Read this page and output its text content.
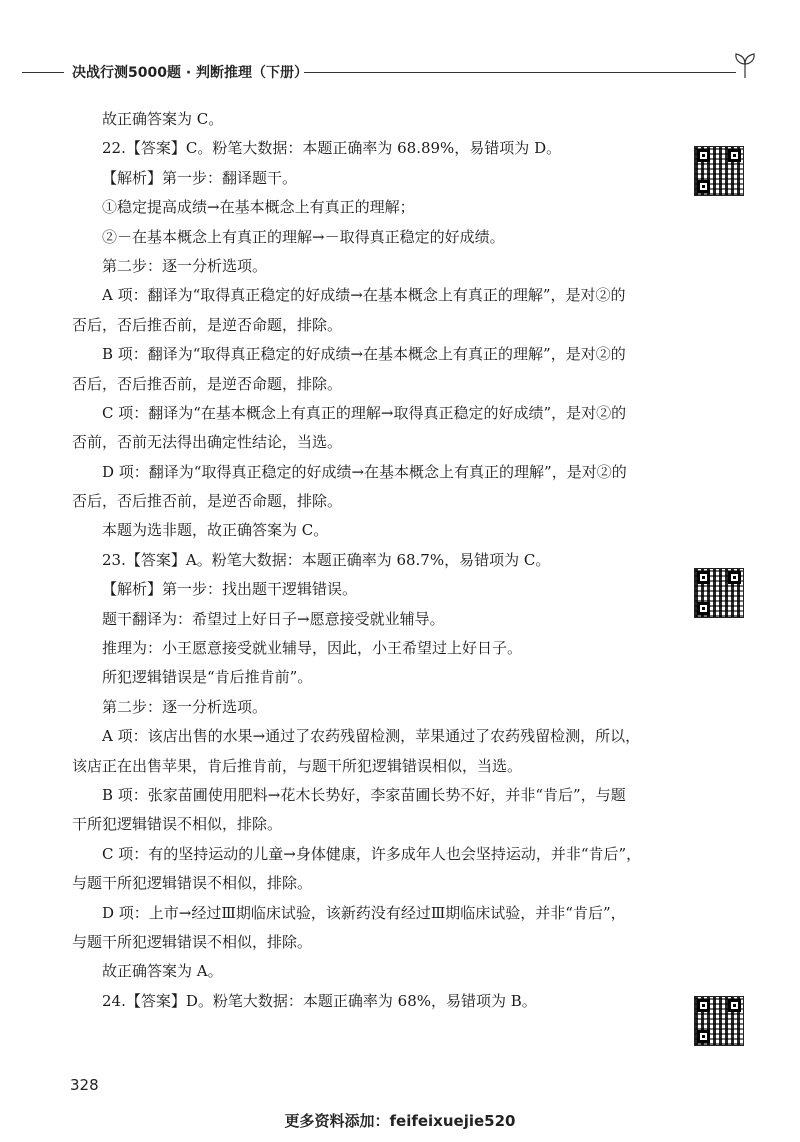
决战行测5000题 · 判断推理（下册）
故正确答案为 C。
22.【答案】C。粉笔大数据：本题正确率为 68.89%，易错项为 D。
【解析】第一步：翻译题干。
①稳定提高成绩→在基本概念上有真正的理解；
②－在基本概念上有真正的理解→－取得真正稳定的好成绩。
第二步：逐一分析选项。
A 项：翻译为“取得真正稳定的好成绩→在基本概念上有真正的理解”，是对②的
否后，否后推否前，是逆否命题，排除。
B 项：翻译为“取得真正稳定的好成绩→在基本概念上有真正的理解”，是对②的
否后，否后推否前，是逆否命题，排除。
C 项：翻译为“在基本概念上有真正的理解→取得真正稳定的好成绩”，是对②的
否前，否前无法得出确定性结论，当选。
D 项：翻译为“取得真正稳定的好成绩→在基本概念上有真正的理解”，是对②的
否后，否后推否前，是逆否命题，排除。
本题为选非题，故正确答案为 C。
23.【答案】A。粉笔大数据：本题正确率为 68.7%，易错项为 C。
【解析】第一步：找出题干逻辑错误。
题干翻译为：希望过上好日子→愿意接受就业辅导。
推理为：小王愿意接受就业辅导，因此，小王希望过上好日子。
所犯逻辑错误是“肯后推肯前”。
第二步：逐一分析选项。
A 项：该店出售的水果→通过了农药残留检测，苹果通过了农药残留检测，所以，
该店正在出售苹果，肯后推肯前，与题干所犯逻辑错误相似，当选。
B 项：张家苗圃使用肥料→花木长势好，李家苗圃长势不好，并非“肯后”，与题
干所犯逻辑错误不相似，排除。
C 项：有的坚持运动的儿童→身体健康，许多成年人也会坚持运动，并非“肯后”，
与题干所犯逻辑错误不相似，排除。
D 项：上市→经过Ⅲ期临床试验，该新药没有经过Ⅲ期临床试验，并非“肯后”，
与题干所犯逻辑错误不相似，排除。
故正确答案为 A。
24.【答案】D。粉笔大数据：本题正确率为 68%，易错项为 B。
328
更多资料添加：feifeixuejie520
